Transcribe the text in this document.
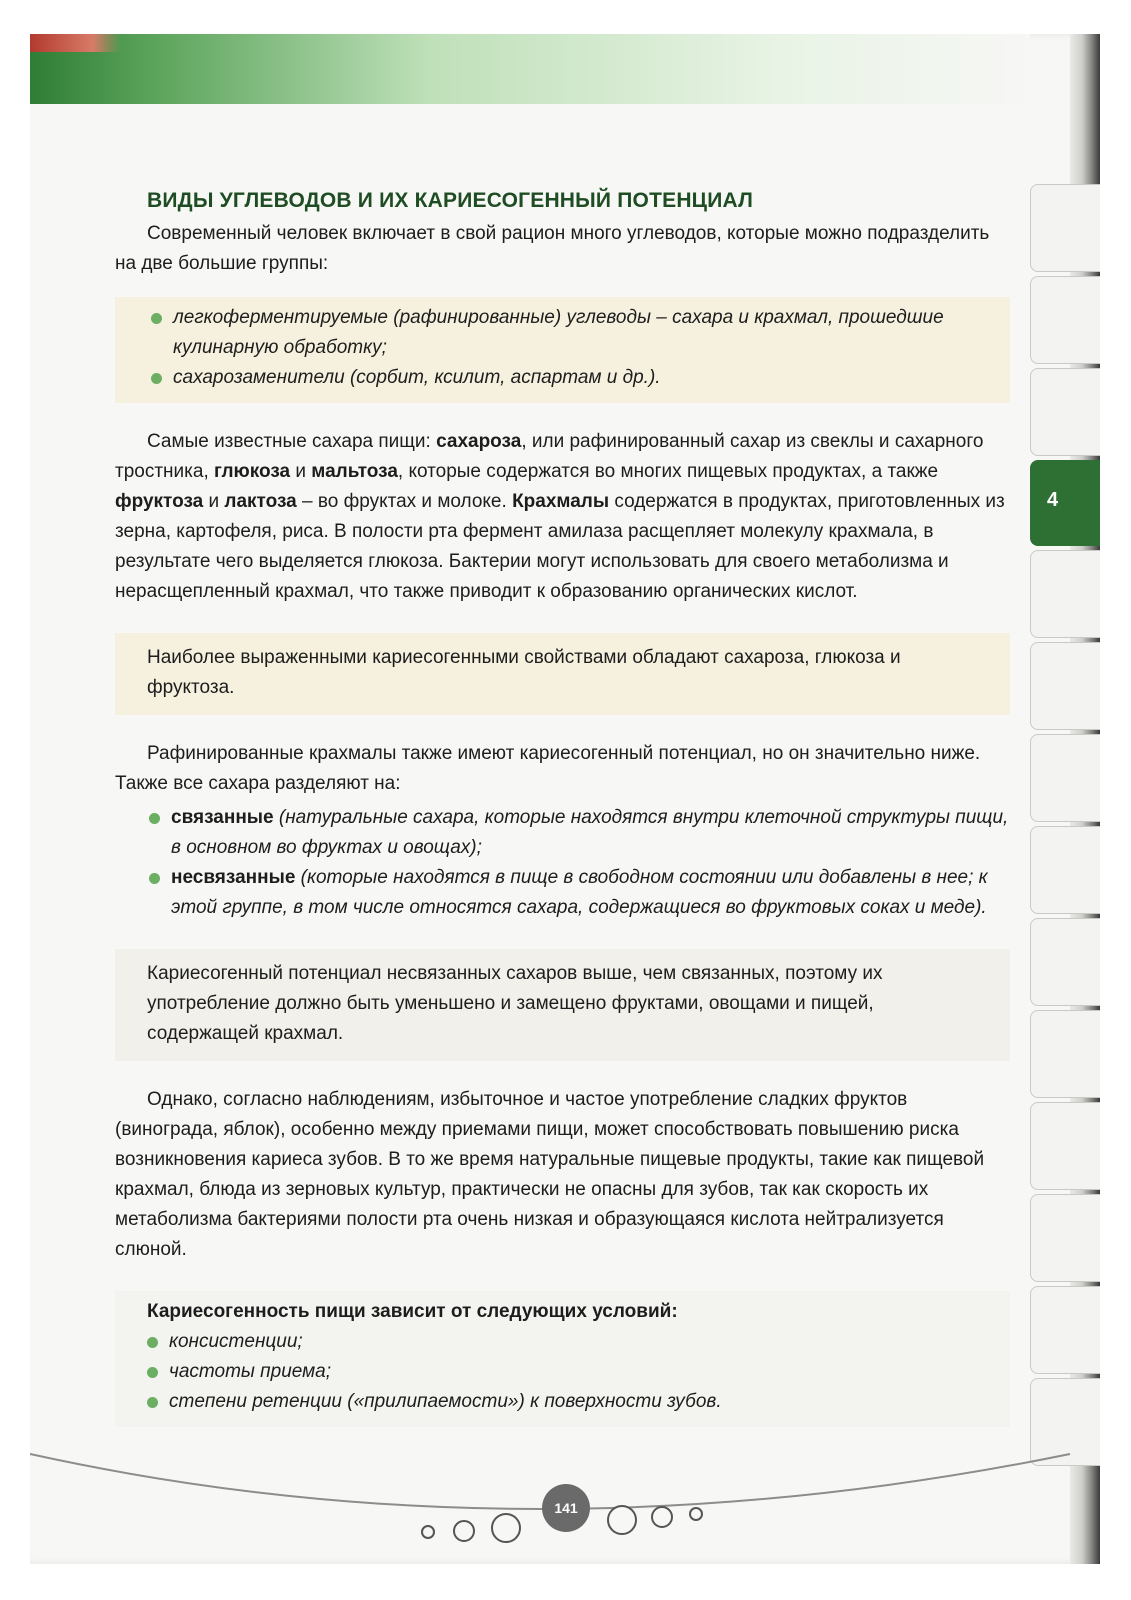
4
ВИДЫ УГЛЕВОДОВ И ИХ КАРИЕСОГЕННЫЙ ПОТЕНЦИАЛ

Современный человек включает в свой рацион много углеводов, которые можно подразделить на две большие группы:

легкоферментируемые (рафинированные) углеводы – сахара и крахмал, прошедшие кулинарную обработку;
сахарозаменители (сорбит, ксилит, аспартам и др.).

Самые известные сахара пищи: сахароза, или рафинированный сахар из свеклы и сахарного тростника, глюкоза и мальтоза, которые содержатся во многих пищевых продуктах, а также фруктоза и лактоза – во фруктах и молоке. Крахмалы содержатся в продуктах, приготовленных из зерна, картофеля, риса. В полости рта фермент амилаза расщепляет молекулу крахмала, в результате чего выделяется глюкоза. Бактерии могут использовать для своего метаболизма и нерасщепленный крахмал, что также приводит к образованию органических кислот.

Наиболее выраженными кариесогенными свойствами обладают сахароза, глюкоза и фруктоза.

Рафинированные крахмалы также имеют кариесогенный потенциал, но он значительно ниже. Также все сахара разделяют на:

связанные (натуральные сахара, которые находятся внутри клеточной структуры пищи, в основном во фруктах и овощах);
несвязанные (которые находятся в пище в свободном состоянии или добавлены в нее; к этой группе, в том числе относятся сахара, содержащиеся во фруктовых соках и меде).

Кариесогенный потенциал несвязанных сахаров выше, чем связанных, поэтому их употребление должно быть уменьшено и замещено фруктами, овощами и пищей, содержащей крахмал.

Однако, согласно наблюдениям, избыточное и частое употребление сладких фруктов (винограда, яблок), особенно между приемами пищи, может способствовать повышению риска возникновения кариеса зубов. В то же время натуральные пищевые продукты, такие как пищевой крахмал, блюда из зерновых культур, практически не опасны для зубов, так как скорость их метаболизма бактериями полости рта очень низкая и образующаяся кислота нейтрализуется слюной.

Кариесогенность пищи зависит от следующих условий:

консистенции;
частоты приема;
степени ретенции («прилипаемости») к поверхности зубов.
141
